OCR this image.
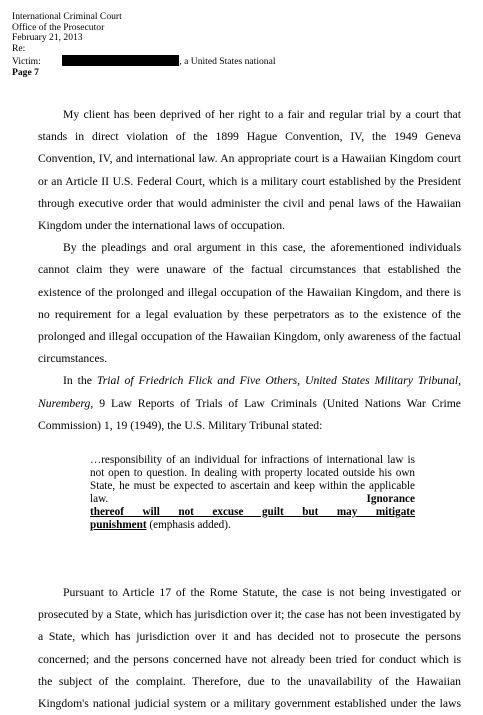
International Criminal Court
Office of the Prosecutor
February 21, 2013
Re:
Victim:	, a United States national
Page 7

My client has been deprived of her right to a fair and regular trial by a court that stands in direct violation of the 1899 Hague Convention, IV, the 1949 Geneva Convention, IV, and international law. An appropriate court is a Hawaiian Kingdom court or an Article II U.S. Federal Court, which is a military court established by the President through executive order that would administer the civil and penal laws of the Hawaiian Kingdom under the international laws of occupation.

By the pleadings and oral argument in this case, the aforementioned individuals cannot claim they were unaware of the factual circumstances that established the existence of the prolonged and illegal occupation of the Hawaiian Kingdom, and there is no requirement for a legal evaluation by these perpetrators as to the existence of the prolonged and illegal occupation of the Hawaiian Kingdom, only awareness of the factual circumstances.

In the Trial of Friedrich Flick and Five Others, United States Military Tribunal, Nuremberg, 9 Law Reports of Trials of Law Criminals (United Nations War Crime Commission) 1, 19 (1949), the U.S. Military Tribunal stated:

…responsibility of an individual for infractions of international law is not open to question. In dealing with property located outside his own State, he must be expected to ascertain and keep within the applicable law. Ignorance
thereof will not excuse guilt but may mitigate
punishment (emphasis added).

Pursuant to Article 17 of the Rome Statute, the case is not being investigated or prosecuted by a State, which has jurisdiction over it; the case has not been investigated by a State, which has jurisdiction over it and has decided not to prosecute the persons concerned; and the persons concerned have not already been tried for conduct which is the subject of the complaint. Therefore, due to the unavailability of the Hawaiian Kingdom's national judicial system or a military government established under the laws
